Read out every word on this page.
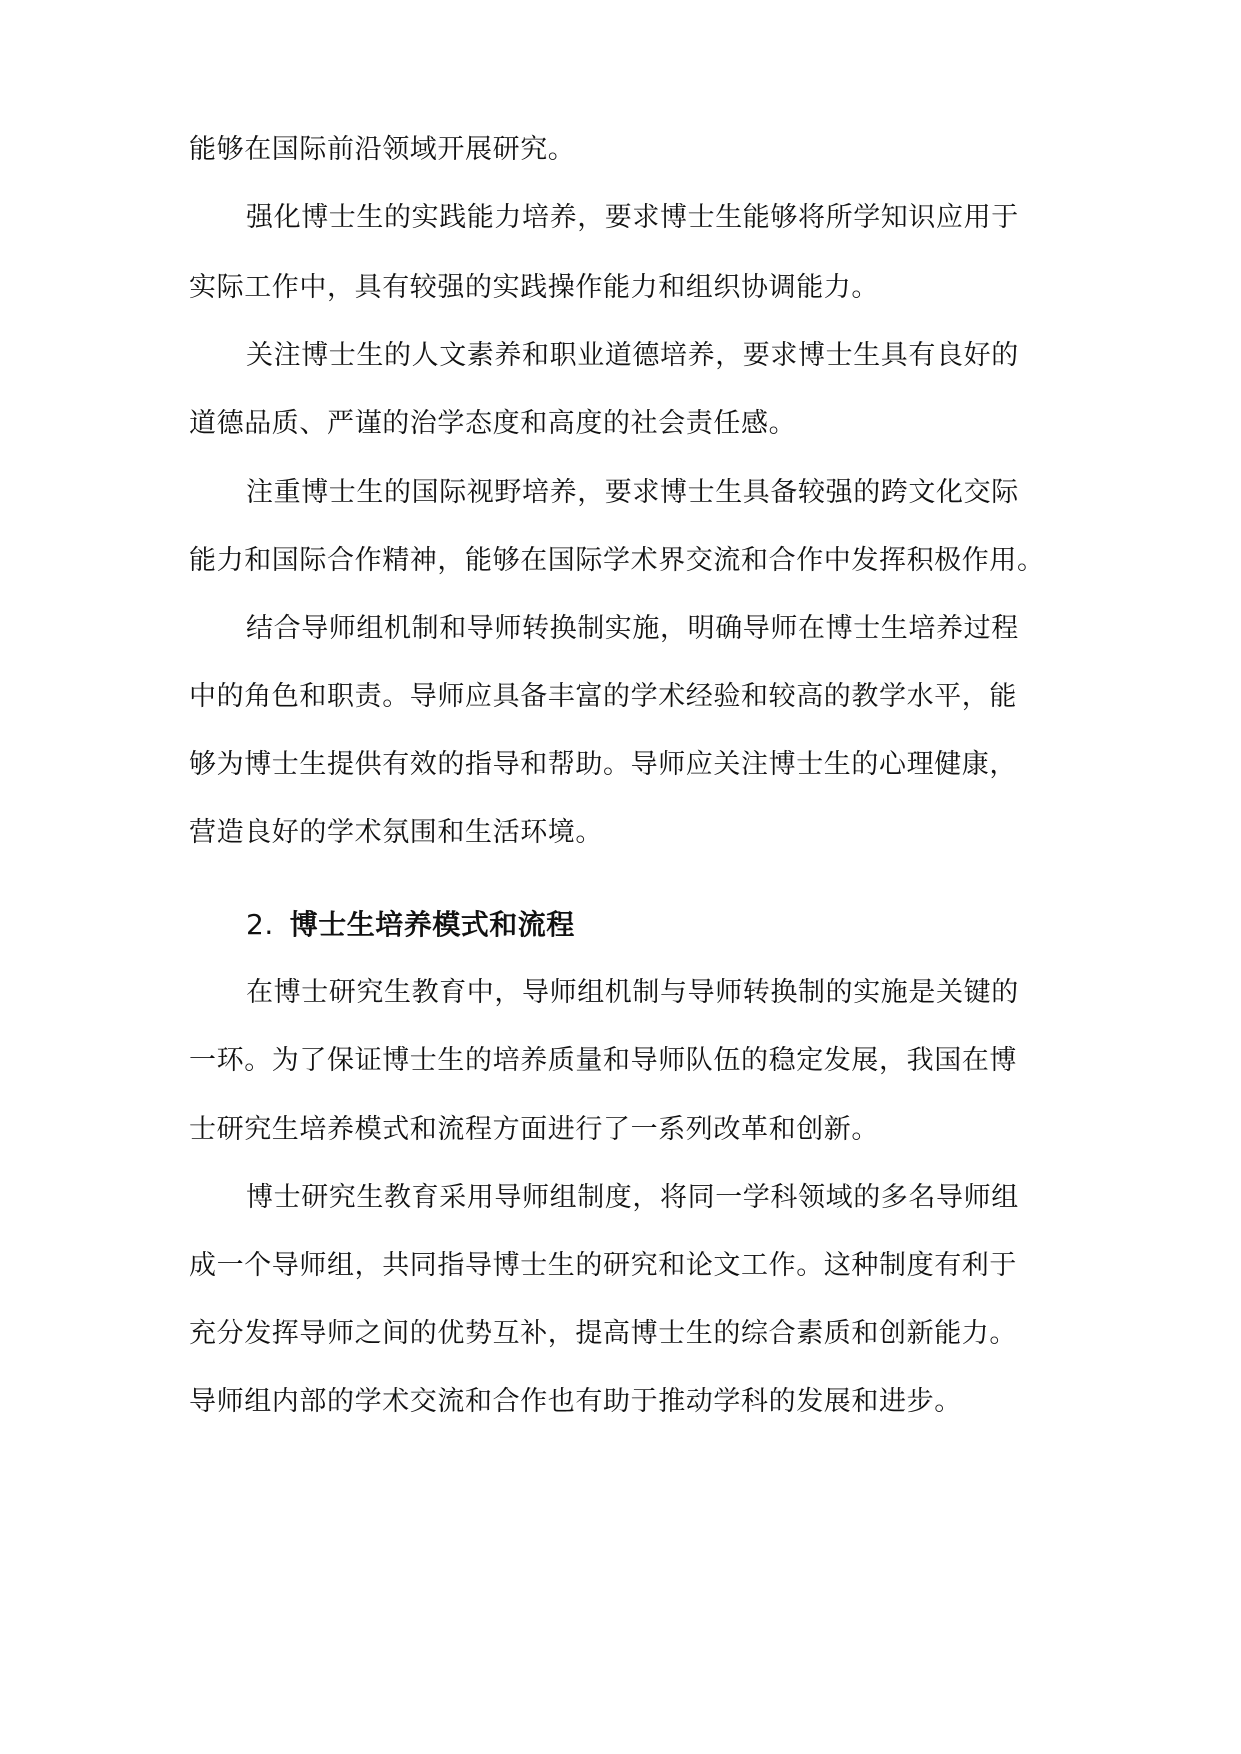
能够在国际前沿领域开展研究。
强化博士生的实践能力培养，要求博士生能够将所学知识应用于
实际工作中，具有较强的实践操作能力和组织协调能力。
关注博士生的人文素养和职业道德培养，要求博士生具有良好的
道德品质、严谨的治学态度和高度的社会责任感。
注重博士生的国际视野培养，要求博士生具备较强的跨文化交际
能力和国际合作精神，能够在国际学术界交流和合作中发挥积极作用。
结合导师组机制和导师转换制实施，明确导师在博士生培养过程
中的角色和职责。导师应具备丰富的学术经验和较高的教学水平，能
够为博士生提供有效的指导和帮助。导师应关注博士生的心理健康，
营造良好的学术氛围和生活环境。
2. 博士生培养模式和流程
在博士研究生教育中，导师组机制与导师转换制的实施是关键的
一环。为了保证博士生的培养质量和导师队伍的稳定发展，我国在博
士研究生培养模式和流程方面进行了一系列改革和创新。
博士研究生教育采用导师组制度，将同一学科领域的多名导师组
成一个导师组，共同指导博士生的研究和论文工作。这种制度有利于
充分发挥导师之间的优势互补，提高博士生的综合素质和创新能力。
导师组内部的学术交流和合作也有助于推动学科的发展和进步。
